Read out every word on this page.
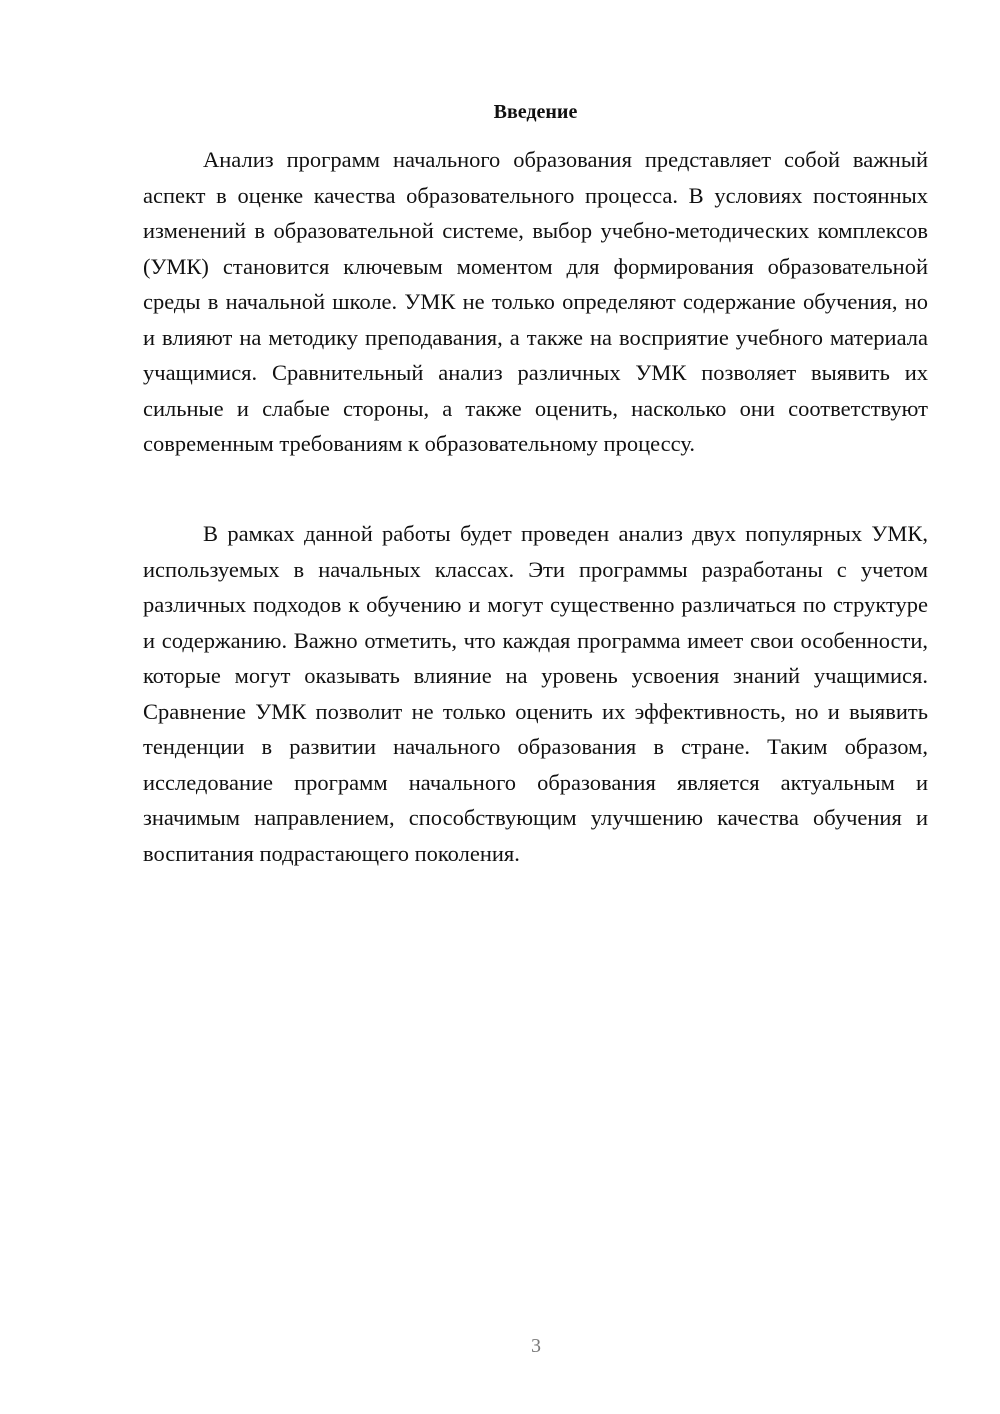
Введение

Анализ программ начального образования представляет собой важный аспект в оценке качества образовательного процесса. В условиях постоянных изменений в образовательной системе, выбор учебно-методических комплексов (УМК) становится ключевым моментом для формирования образовательной среды в начальной школе. УМК не только определяют содержание обучения, но и влияют на методику преподавания, а также на восприятие учебного материала учащимися. Сравнительный анализ различных УМК позволяет выявить их сильные и слабые стороны, а также оценить, насколько они соответствуют современным требованиям к образовательному процессу.

В рамках данной работы будет проведен анализ двух популярных УМК, используемых в начальных классах. Эти программы разработаны с учетом различных подходов к обучению и могут существенно различаться по структуре и содержанию. Важно отметить, что каждая программа имеет свои особенности, которые могут оказывать влияние на уровень усвоения знаний учащимися. Сравнение УМК позволит не только оценить их эффективность, но и выявить тенденции в развитии начального образования в стране. Таким образом, исследование программ начального образования является актуальным и значимым направлением, способствующим улучшению качества обучения и воспитания подрастающего поколения.

3
